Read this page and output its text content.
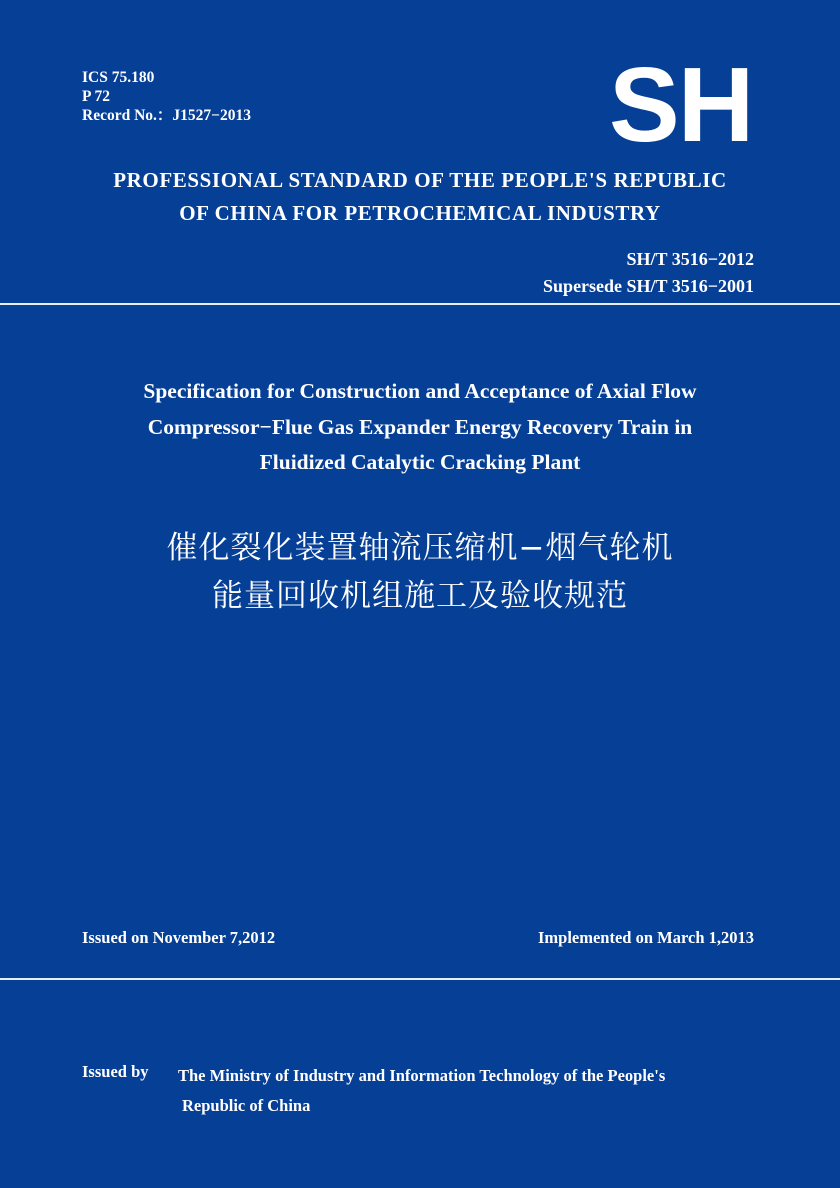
ICS 75.180
P 72
Record No.：J1527−2013	SH
PROFESSIONAL STANDARD OF THE PEOPLE'S REPUBLIC
OF CHINA FOR PETROCHEMICAL INDUSTRY
SH/T 3516−2012
Supersede SH/T 3516−2001
Specification for Construction and Acceptance of Axial Flow
Compressor−Flue Gas Expander Energy Recovery Train in
Fluidized Catalytic Cracking Plant
催化裂化装置轴流压缩机−烟气轮机
能量回收机组施工及验收规范
Issued on November 7,2012	Implemented on March 1,2013
Issued by The Ministry of Industry and Information Technology of the People's
Republic of China
